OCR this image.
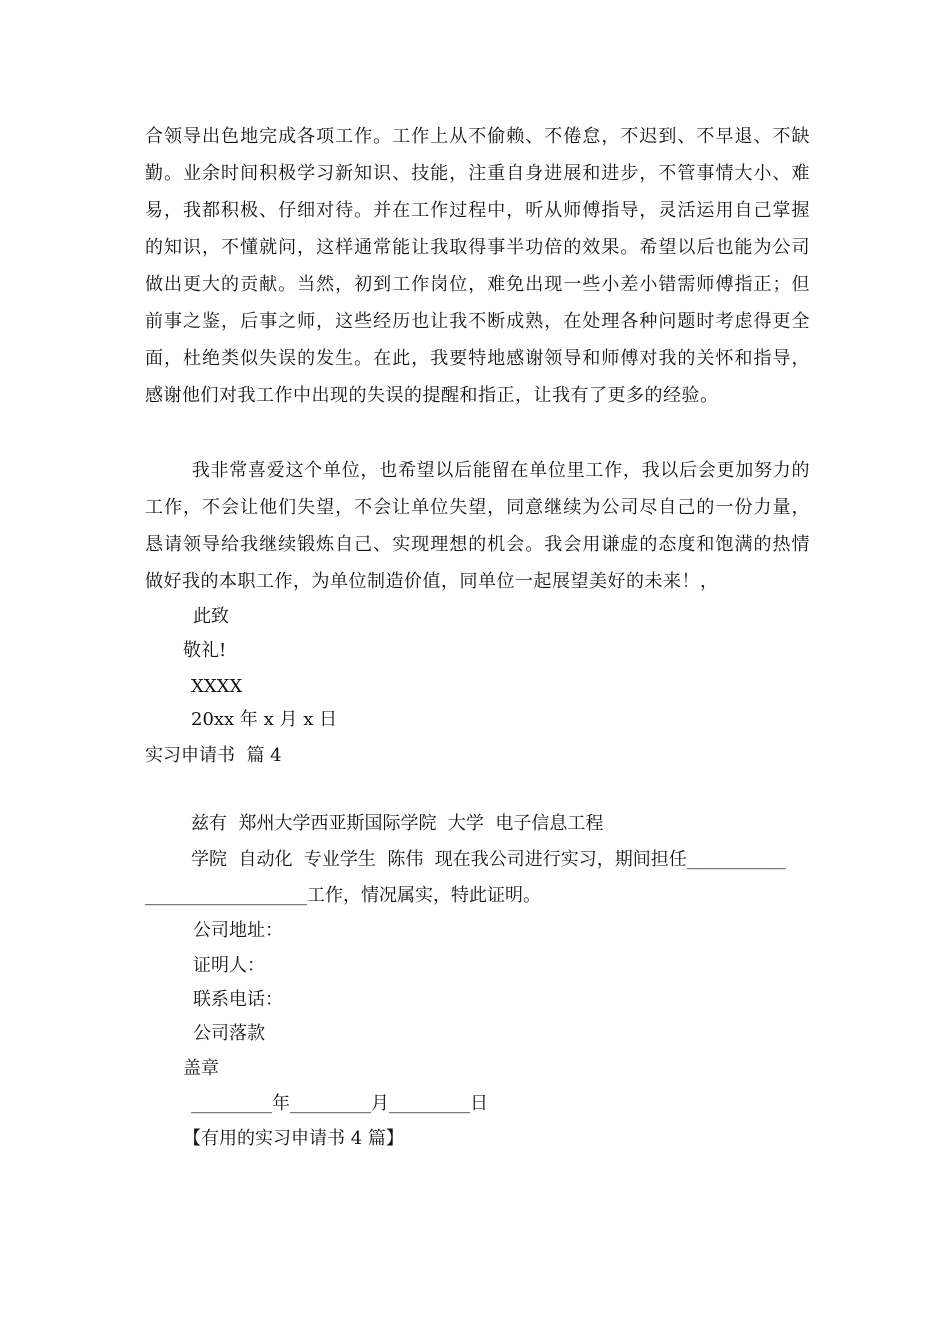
合领导出色地完成各项工作。工作上从不偷赖、不倦怠，不迟到、不早退、不缺勤。业余时间积极学习新知识、技能，注重自身进展和进步，不管事情大小、难易，我都积极、仔细对待。并在工作过程中，听从师傅指导，灵活运用自己掌握的知识，不懂就问，这样通常能让我取得事半功倍的效果。希望以后也能为公司做出更大的贡献。当然，初到工作岗位，难免出现一些小差小错需师傅指正；但前事之鉴，后事之师，这些经历也让我不断成熟，在处理各种问题时考虑得更全面，杜绝类似失误的发生。在此，我要特地感谢领导和师傅对我的关怀和指导，感谢他们对我工作中出现的失误的提醒和指正，让我有了更多的经验。

我非常喜爱这个单位，也希望以后能留在单位里工作，我以后会更加努力的工作，不会让他们失望，不会让单位失望，同意继续为公司尽自己的一份力量，恳请领导给我继续锻炼自己、实现理想的机会。我会用谦虚的态度和饱满的热情做好我的本职工作，为单位制造价值，同单位一起展望美好的未来！，

此致

敬礼!

XXXX

20xx 年 x 月 x 日

实习申请书  篇 4

兹有  郑州大学西亚斯国际学院  大学  电子信息工程

学院  自动化  专业学生  陈伟  现在我公司进行实习，期间担任___________

__________________工作，情况属实，特此证明。

公司地址：

证明人：

联系电话：

公司落款

盖章

_________年_________月_________日

【有用的实习申请书 4 篇】
